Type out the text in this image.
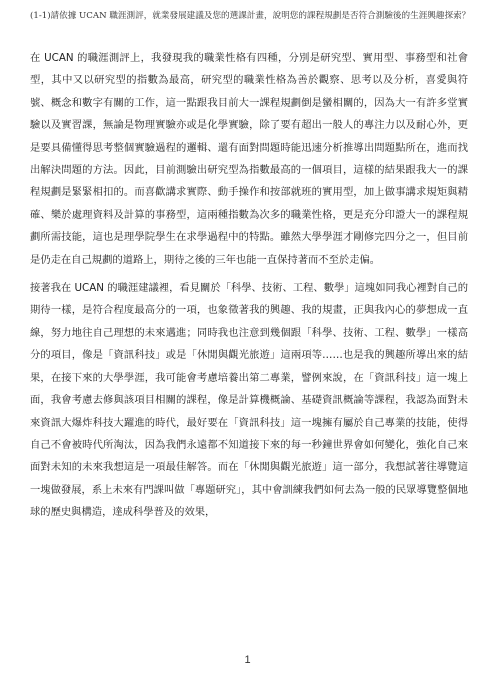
(1-1)請依據 UCAN 職涯測評，就業發展建議及您的選課計畫，說明您的課程規劃是否符合測驗後的生涯興趣探索？

在 UCAN 的職涯測評上，我發現我的職業性格有四種，分別是研究型、實用型、事務型和社會型，其中又以研究型的指數為最高，研究型的職業性格為善於觀察、思考以及分析，喜愛與符號、概念和數字有關的工作，這一點跟我目前大一課程規劃倒是蠻相關的，因為大一有許多堂實驗以及實習課，無論是物理實驗亦或是化學實驗，除了要有超出一般人的專注力以及耐心外，更是要具備懂得思考整個實驗過程的邏輯、還有面對問題時能迅速分析推導出問題點所在，進而找出解決問題的方法。因此，目前測驗出研究型為指數最高的一個項目，這樣的結果跟我大一的課程規劃是緊緊相扣的。而喜歡講求實際、動手操作和按部就班的實用型，加上做事講求規矩與精確、樂於處理資料及計算的事務型，這兩種指數為次多的職業性格，更是充分印證大一的課程規劃所需技能，這也是理學院學生在求學過程中的特點。雖然大學學涯才剛修完四分之一，但目前是仍走在自己規劃的道路上，期待之後的三年也能一直保持著而不至於走偏。

接著我在 UCAN 的職涯建議裡，看見關於「科學、技術、工程、數學」這塊如同我心裡對自己的期待一樣，是符合程度最高分的一項，也象徵著我的興趣、我的規畫，正與我內心的夢想成一直線，努力地往自己理想的未來邁進；同時我也注意到幾個跟「科學、技術、工程、數學」一樣高分的項目，像是「資訊科技」或是「休閒與觀光旅遊」這兩項等……也是我的興趣所導出來的結果，在接下來的大學學涯，我可能會考慮培養出第二專業，譬例來說，在「資訊科技」這一塊上面，我會考慮去修與該項目相關的課程，像是計算機概論、基礎資訊概論等課程，我認為面對未來資訊大爆炸科技大躍進的時代，最好要在「資訊科技」這一塊擁有屬於自己專業的技能，使得自己不會被時代所淘汰，因為我們永遠都不知道接下來的每一秒鐘世界會如何變化，強化自己來面對未知的未來我想這是一項最佳解答。而在「休閒與觀光旅遊」這一部分，我想試著往導覽這一塊做發展，系上未來有門課叫做「專題研究」，其中會訓練我們如何去為一般的民眾導覽整個地球的歷史與構造，達成科學普及的效果，

1
